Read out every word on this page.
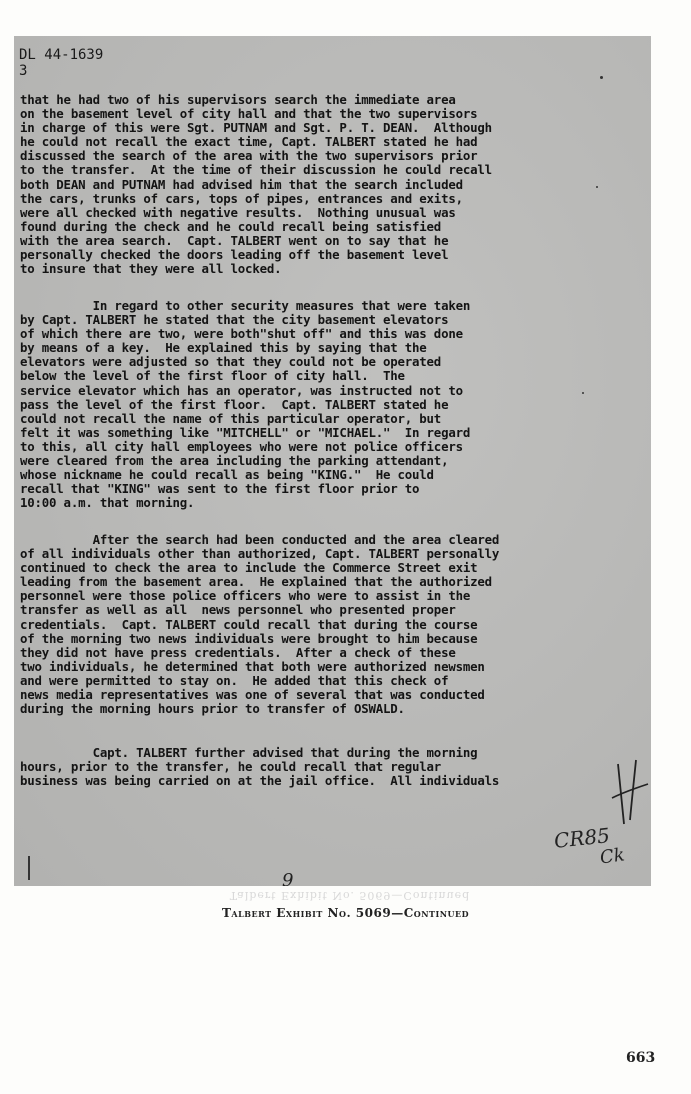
DL 44-1639

3

that he had two of his supervisors search the immediate area
on the basement level of city hall and that the two supervisors
in charge of this were Sgt. PUTNAM and Sgt. P. T. DEAN.  Although
he could not recall the exact time, Capt. TALBERT stated he had
discussed the search of the area with the two supervisors prior
to the transfer.  At the time of their discussion he could recall
both DEAN and PUTNAM had advised him that the search included
the cars, trunks of cars, tops of pipes, entrances and exits,
were all checked with negative results.  Nothing unusual was
found during the check and he could recall being satisfied
with the area search.  Capt. TALBERT went on to say that he
personally checked the doors leading off the basement level
to insure that they were all locked.

In regard to other security measures that were taken
by Capt. TALBERT he stated that the city basement elevators
of which there are two, were both"shut off" and this was done
by means of a key.  He explained this by saying that the
elevators were adjusted so that they could not be operated
below the level of the first floor of city hall.  The
service elevator which has an operator, was instructed not to
pass the level of the first floor.  Capt. TALBERT stated he
could not recall the name of this particular operator, but
felt it was something like "MITCHELL" or "MICHAEL."  In regard
to this, all city hall employees who were not police officers
were cleared from the area including the parking attendant,
whose nickname he could recall as being "KING."  He could
recall that "KING" was sent to the first floor prior to
10:00 a.m. that morning.

After the search had been conducted and the area cleared
of all individuals other than authorized, Capt. TALBERT personally
continued to check the area to include the Commerce Street exit
leading from the basement area.  He explained that the authorized
personnel were those police officers who were to assist in the
transfer as well as all  news personnel who presented proper
credentials.  Capt. TALBERT could recall that during the course
of the morning two news individuals were brought to him because
they did not have press credentials.  After a check of these
two individuals, he determined that both were authorized newsmen
and were permitted to stay on.  He added that this check of
news media representatives was one of several that was conducted
during the morning hours prior to transfer of OSWALD.

Capt. TALBERT further advised that during the morning
hours, prior to the transfer, he could recall that regular
business was being carried on at the jail office.  All individuals

CR85
Ck
9
Talbert Exhibit No. 5069—Continued
Talbert Exhibit No. 5069—Continued
663
